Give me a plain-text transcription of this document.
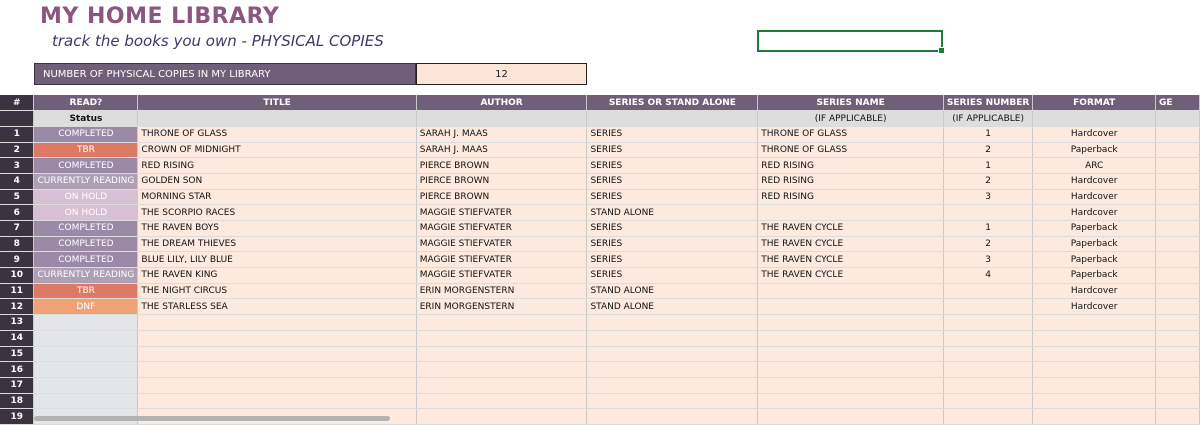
MY HOME LIBRARY
track the books you own - PHYSICAL COPIES
NUMBER OF PHYSICAL COPIES IN MY LIBRARY	12
#	READ?	TITLE	AUTHOR	SERIES OR STAND ALONE	SERIES NAME	SERIES NUMBER	FORMAT	GE
	Status				(IF APPLICABLE)	(IF APPLICABLE)		
1	COMPLETED	THRONE OF GLASS	SARAH J. MAAS	SERIES	THRONE OF GLASS	1	Hardcover	
2	TBR	CROWN OF MIDNIGHT	SARAH J. MAAS	SERIES	THRONE OF GLASS	2	Paperback	
3	COMPLETED	RED RISING	PIERCE BROWN	SERIES	RED RISING	1	ARC	
4	CURRENTLY READING	GOLDEN SON	PIERCE BROWN	SERIES	RED RISING	2	Hardcover	
5	ON HOLD	MORNING STAR	PIERCE BROWN	SERIES	RED RISING	3	Hardcover	
6	ON HOLD	THE SCORPIO RACES	MAGGIE STIEFVATER	STAND ALONE			Hardcover	
7	COMPLETED	THE RAVEN BOYS	MAGGIE STIEFVATER	SERIES	THE RAVEN CYCLE	1	Paperback	
8	COMPLETED	THE DREAM THIEVES	MAGGIE STIEFVATER	SERIES	THE RAVEN CYCLE	2	Paperback	
9	COMPLETED	BLUE LILY, LILY BLUE	MAGGIE STIEFVATER	SERIES	THE RAVEN CYCLE	3	Paperback	
10	CURRENTLY READING	THE RAVEN KING	MAGGIE STIEFVATER	SERIES	THE RAVEN CYCLE	4	Paperback	
11	TBR	THE NIGHT CIRCUS	ERIN MORGENSTERN	STAND ALONE			Hardcover	
12	DNF	THE STARLESS SEA	ERIN MORGENSTERN	STAND ALONE			Hardcover	
13								
14								
15								
16								
17								
18								
19								
